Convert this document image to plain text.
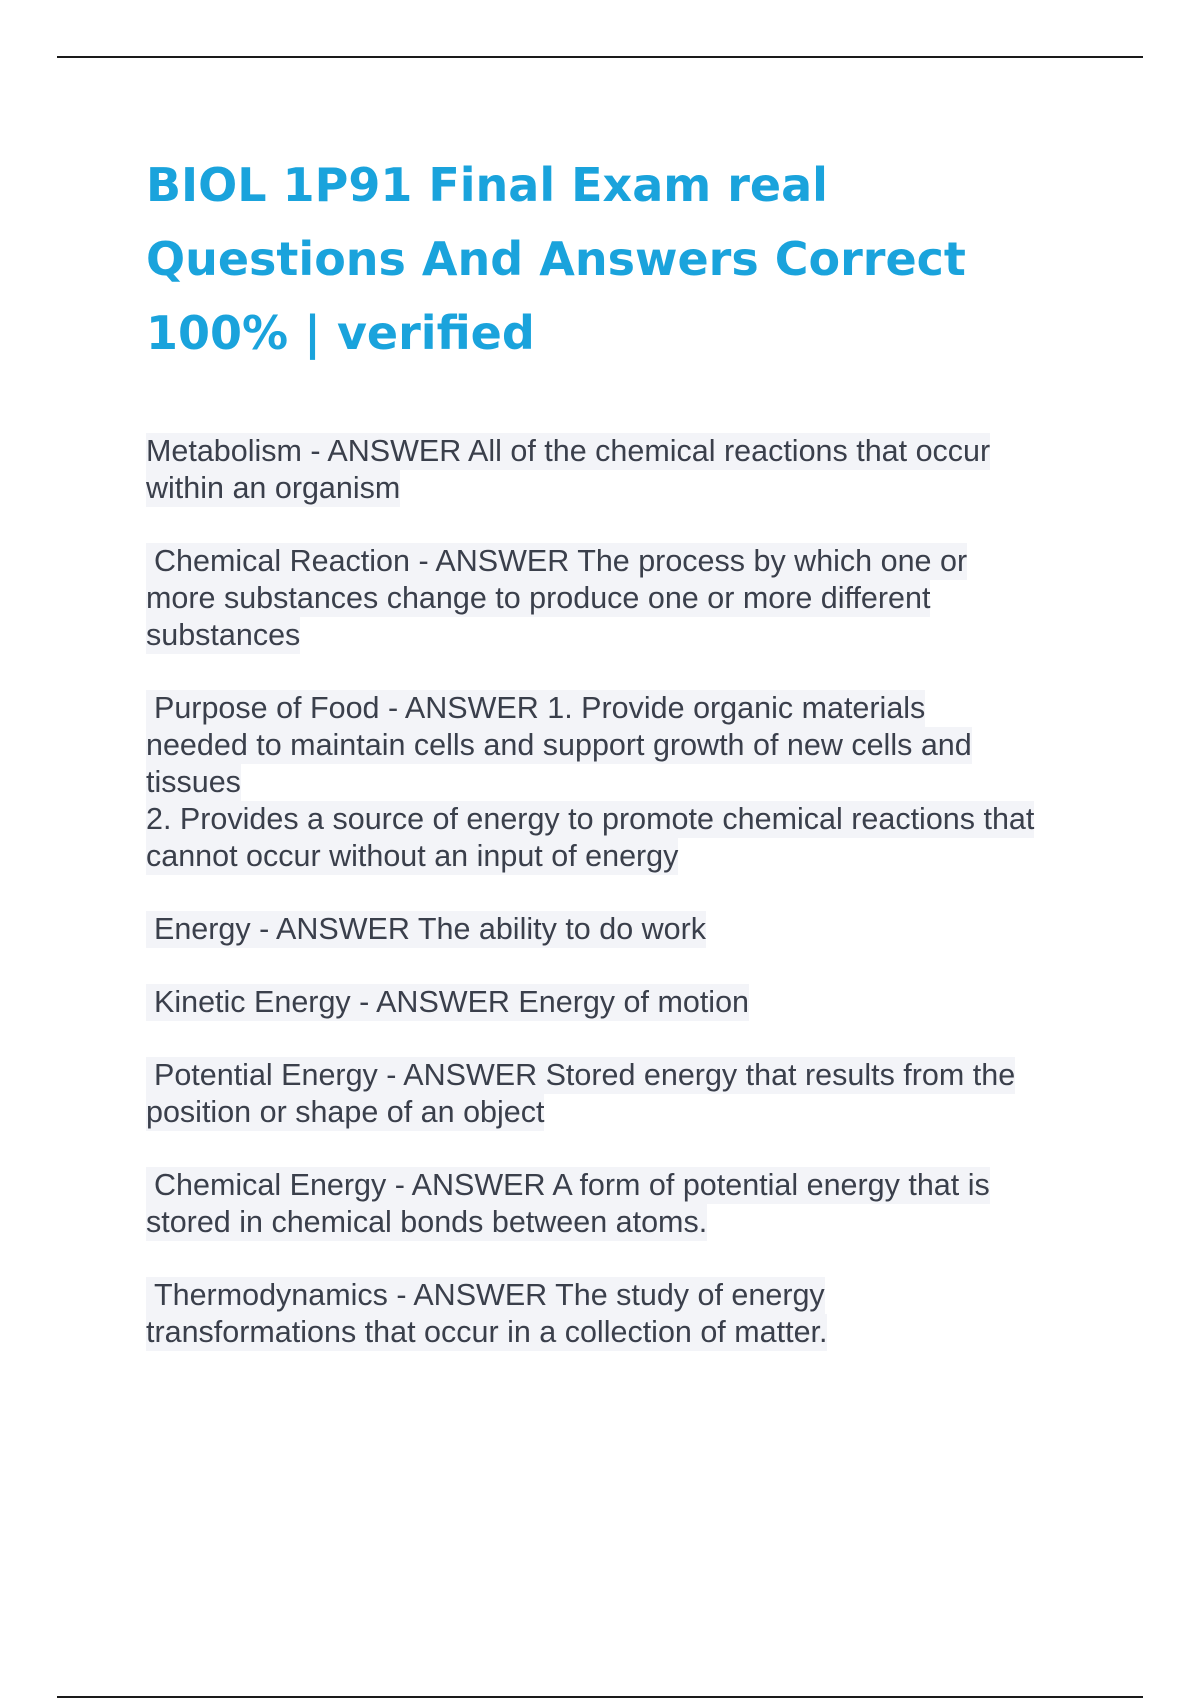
BIOL 1P91 Final Exam real
Questions And Answers Correct
100% | verified
Metabolism - ANSWER All of the chemical reactions that occur
within an organism
Chemical Reaction - ANSWER The process by which one or
more substances change to produce one or more different
substances
Purpose of Food - ANSWER 1. Provide organic materials
needed to maintain cells and support growth of new cells and
tissues
2. Provides a source of energy to promote chemical reactions that
cannot occur without an input of energy
Energy - ANSWER The ability to do work
Kinetic Energy - ANSWER Energy of motion
Potential Energy - ANSWER Stored energy that results from the
position or shape of an object
Chemical Energy - ANSWER A form of potential energy that is
stored in chemical bonds between atoms.
Thermodynamics - ANSWER The study of energy
transformations that occur in a collection of matter.
